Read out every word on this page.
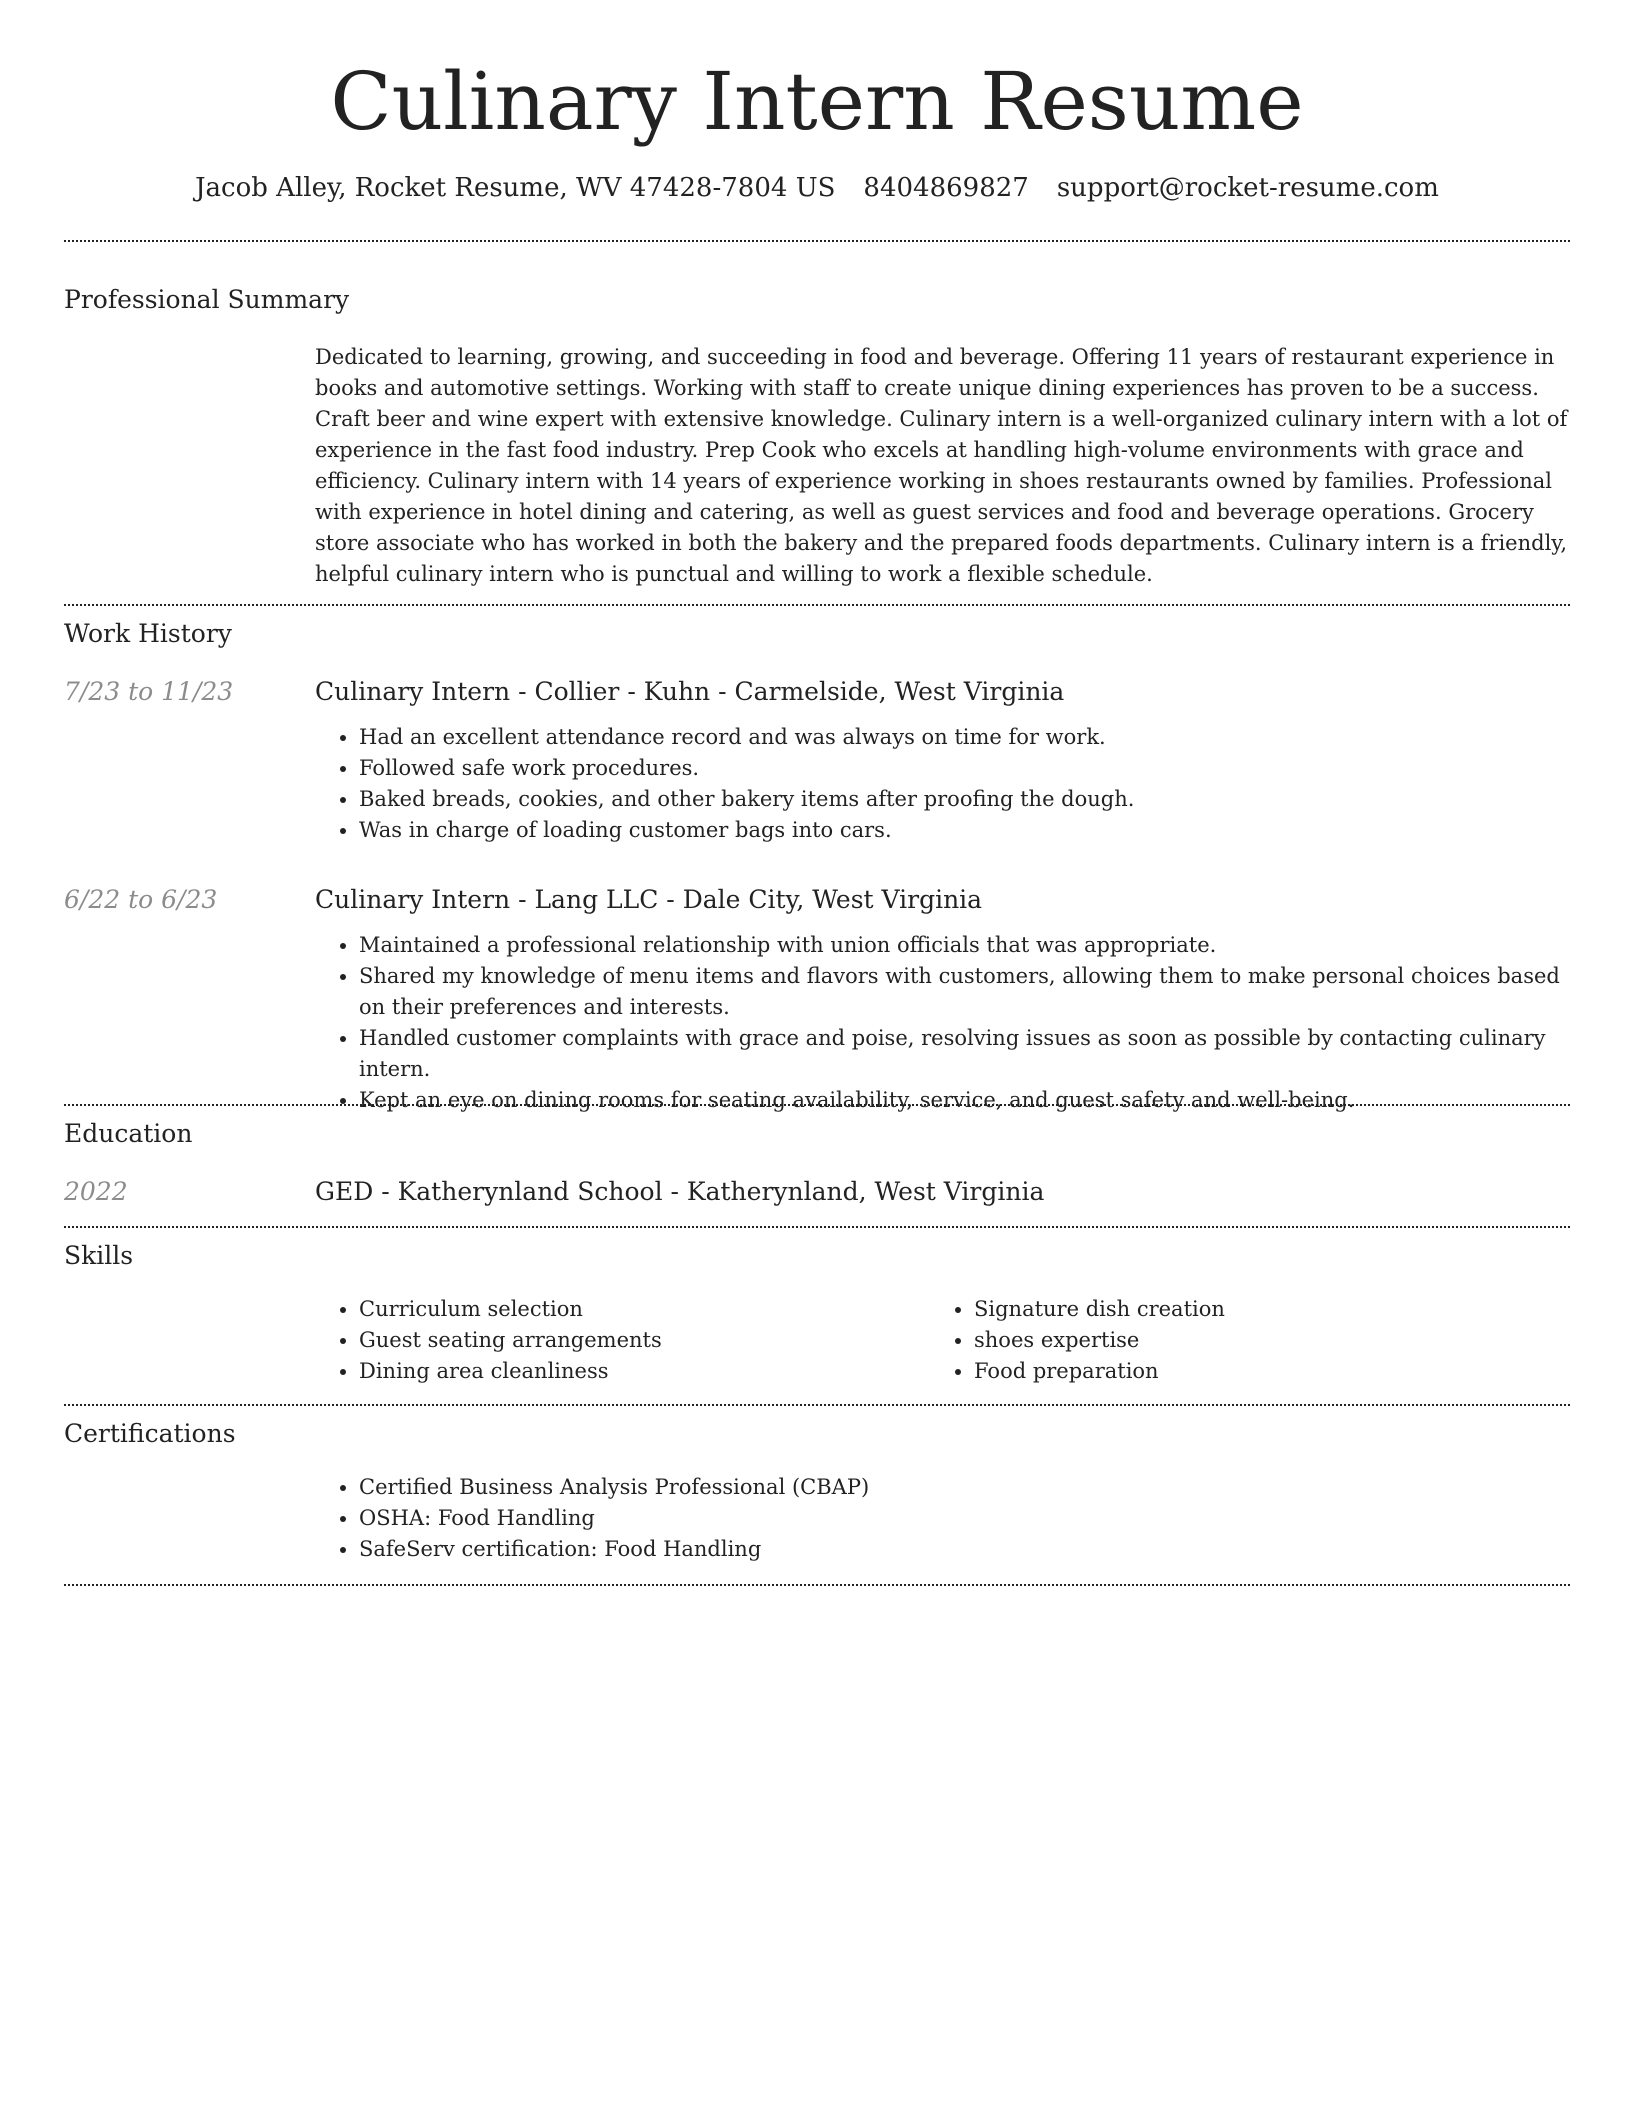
Culinary Intern Resume
Jacob Alley, Rocket Resume, WV 47428-7804 US 8404869827 support@rocket-resume.com
Professional Summary

Dedicated to learning, growing, and succeeding in food and beverage. Offering 11 years of restaurant experience in books and automotive settings. Working with staff to create unique dining experiences has proven to be a success. Craft beer and wine expert with extensive knowledge. Culinary intern is a well-organized culinary intern with a lot of experience in the fast food industry. Prep Cook who excels at handling high-volume environments with grace and efficiency. Culinary intern with 14 years of experience working in shoes restaurants owned by families. Professional with experience in hotel dining and catering, as well as guest services and food and beverage operations. Grocery store associate who has worked in both the bakery and the prepared foods departments. Culinary intern is a friendly, helpful culinary intern who is punctual and willing to work a flexible schedule.

Work History
7/23 to 11/23	Culinary Intern - Collier - Kuhn - Carmelside, West Virginia
• Had an excellent attendance record and was always on time for work.
• Followed safe work procedures.
• Baked breads, cookies, and other bakery items after proofing the dough.
• Was in charge of loading customer bags into cars.
6/22 to 6/23	Culinary Intern - Lang LLC - Dale City, West Virginia
• Maintained a professional relationship with union officials that was appropriate.
• Shared my knowledge of menu items and flavors with customers, allowing them to make personal choices based on their preferences and interests.
• Handled customer complaints with grace and poise, resolving issues as soon as possible by contacting culinary intern.
• Kept an eye on dining rooms for seating availability, service, and guest safety and well-being.
Education
2022	GED - Katherynland School - Katherynland, West Virginia
Skills
• Curriculum selection
• Guest seating arrangements
• Dining area cleanliness
• Signature dish creation
• shoes expertise
• Food preparation
Certifications
• Certified Business Analysis Professional (CBAP)
• OSHA: Food Handling
• SafeServ certification: Food Handling
